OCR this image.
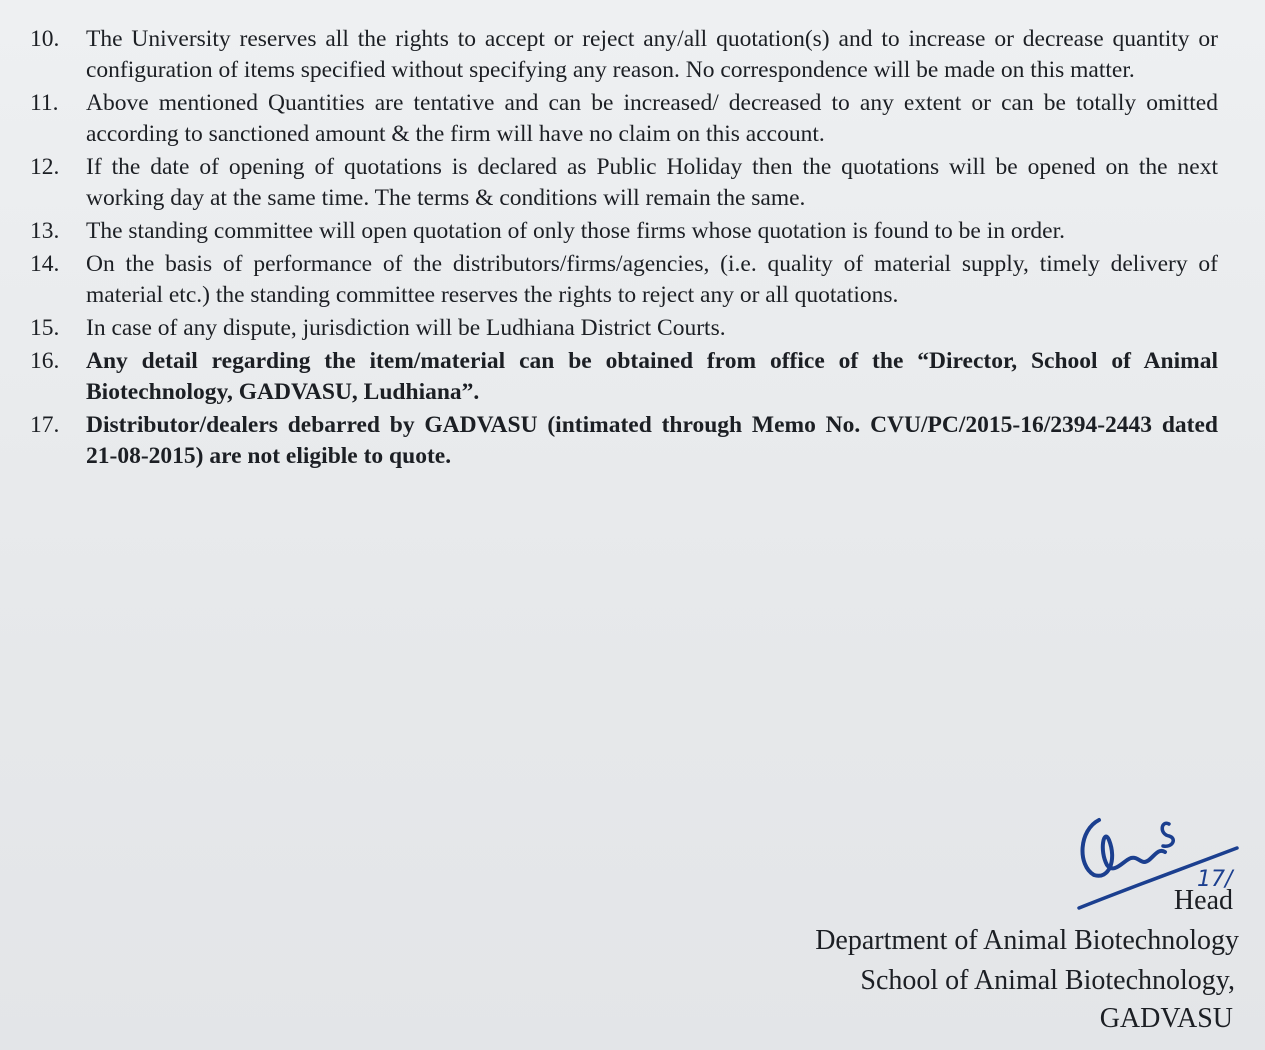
10.	The University reserves all the rights to accept or reject any/all quotation(s) and to increase or decrease quantity or configuration of items specified without specifying any reason. No correspondence will be made on this matter.
11.	Above mentioned Quantities are tentative and can be increased/ decreased to any extent or can be totally omitted according to sanctioned amount & the firm will have no claim on this account.
12.	If the date of opening of quotations is declared as Public Holiday then the quotations will be opened on the next working day at the same time. The terms & conditions will remain the same.
13.	The standing committee will open quotation of only those firms whose quotation is found to be in order.
14.	On the basis of performance of the distributors/firms/agencies, (i.e. quality of material supply, timely delivery of material etc.) the standing committee reserves the rights to reject any or all quotations.
15.	In case of any dispute, jurisdiction will be Ludhiana District Courts.
16.	Any detail regarding the item/material can be obtained from office of the “Director, School of Animal Biotechnology, GADVASU, Ludhiana”.
17.	Distributor/dealers debarred by GADVASU (intimated through Memo No. CVU/PC/2015-16/2394-2443 dated 21-08-2015) are not eligible to quote.
17/
Head
Department of Animal Biotechnology
School of Animal Biotechnology,
GADVASU
